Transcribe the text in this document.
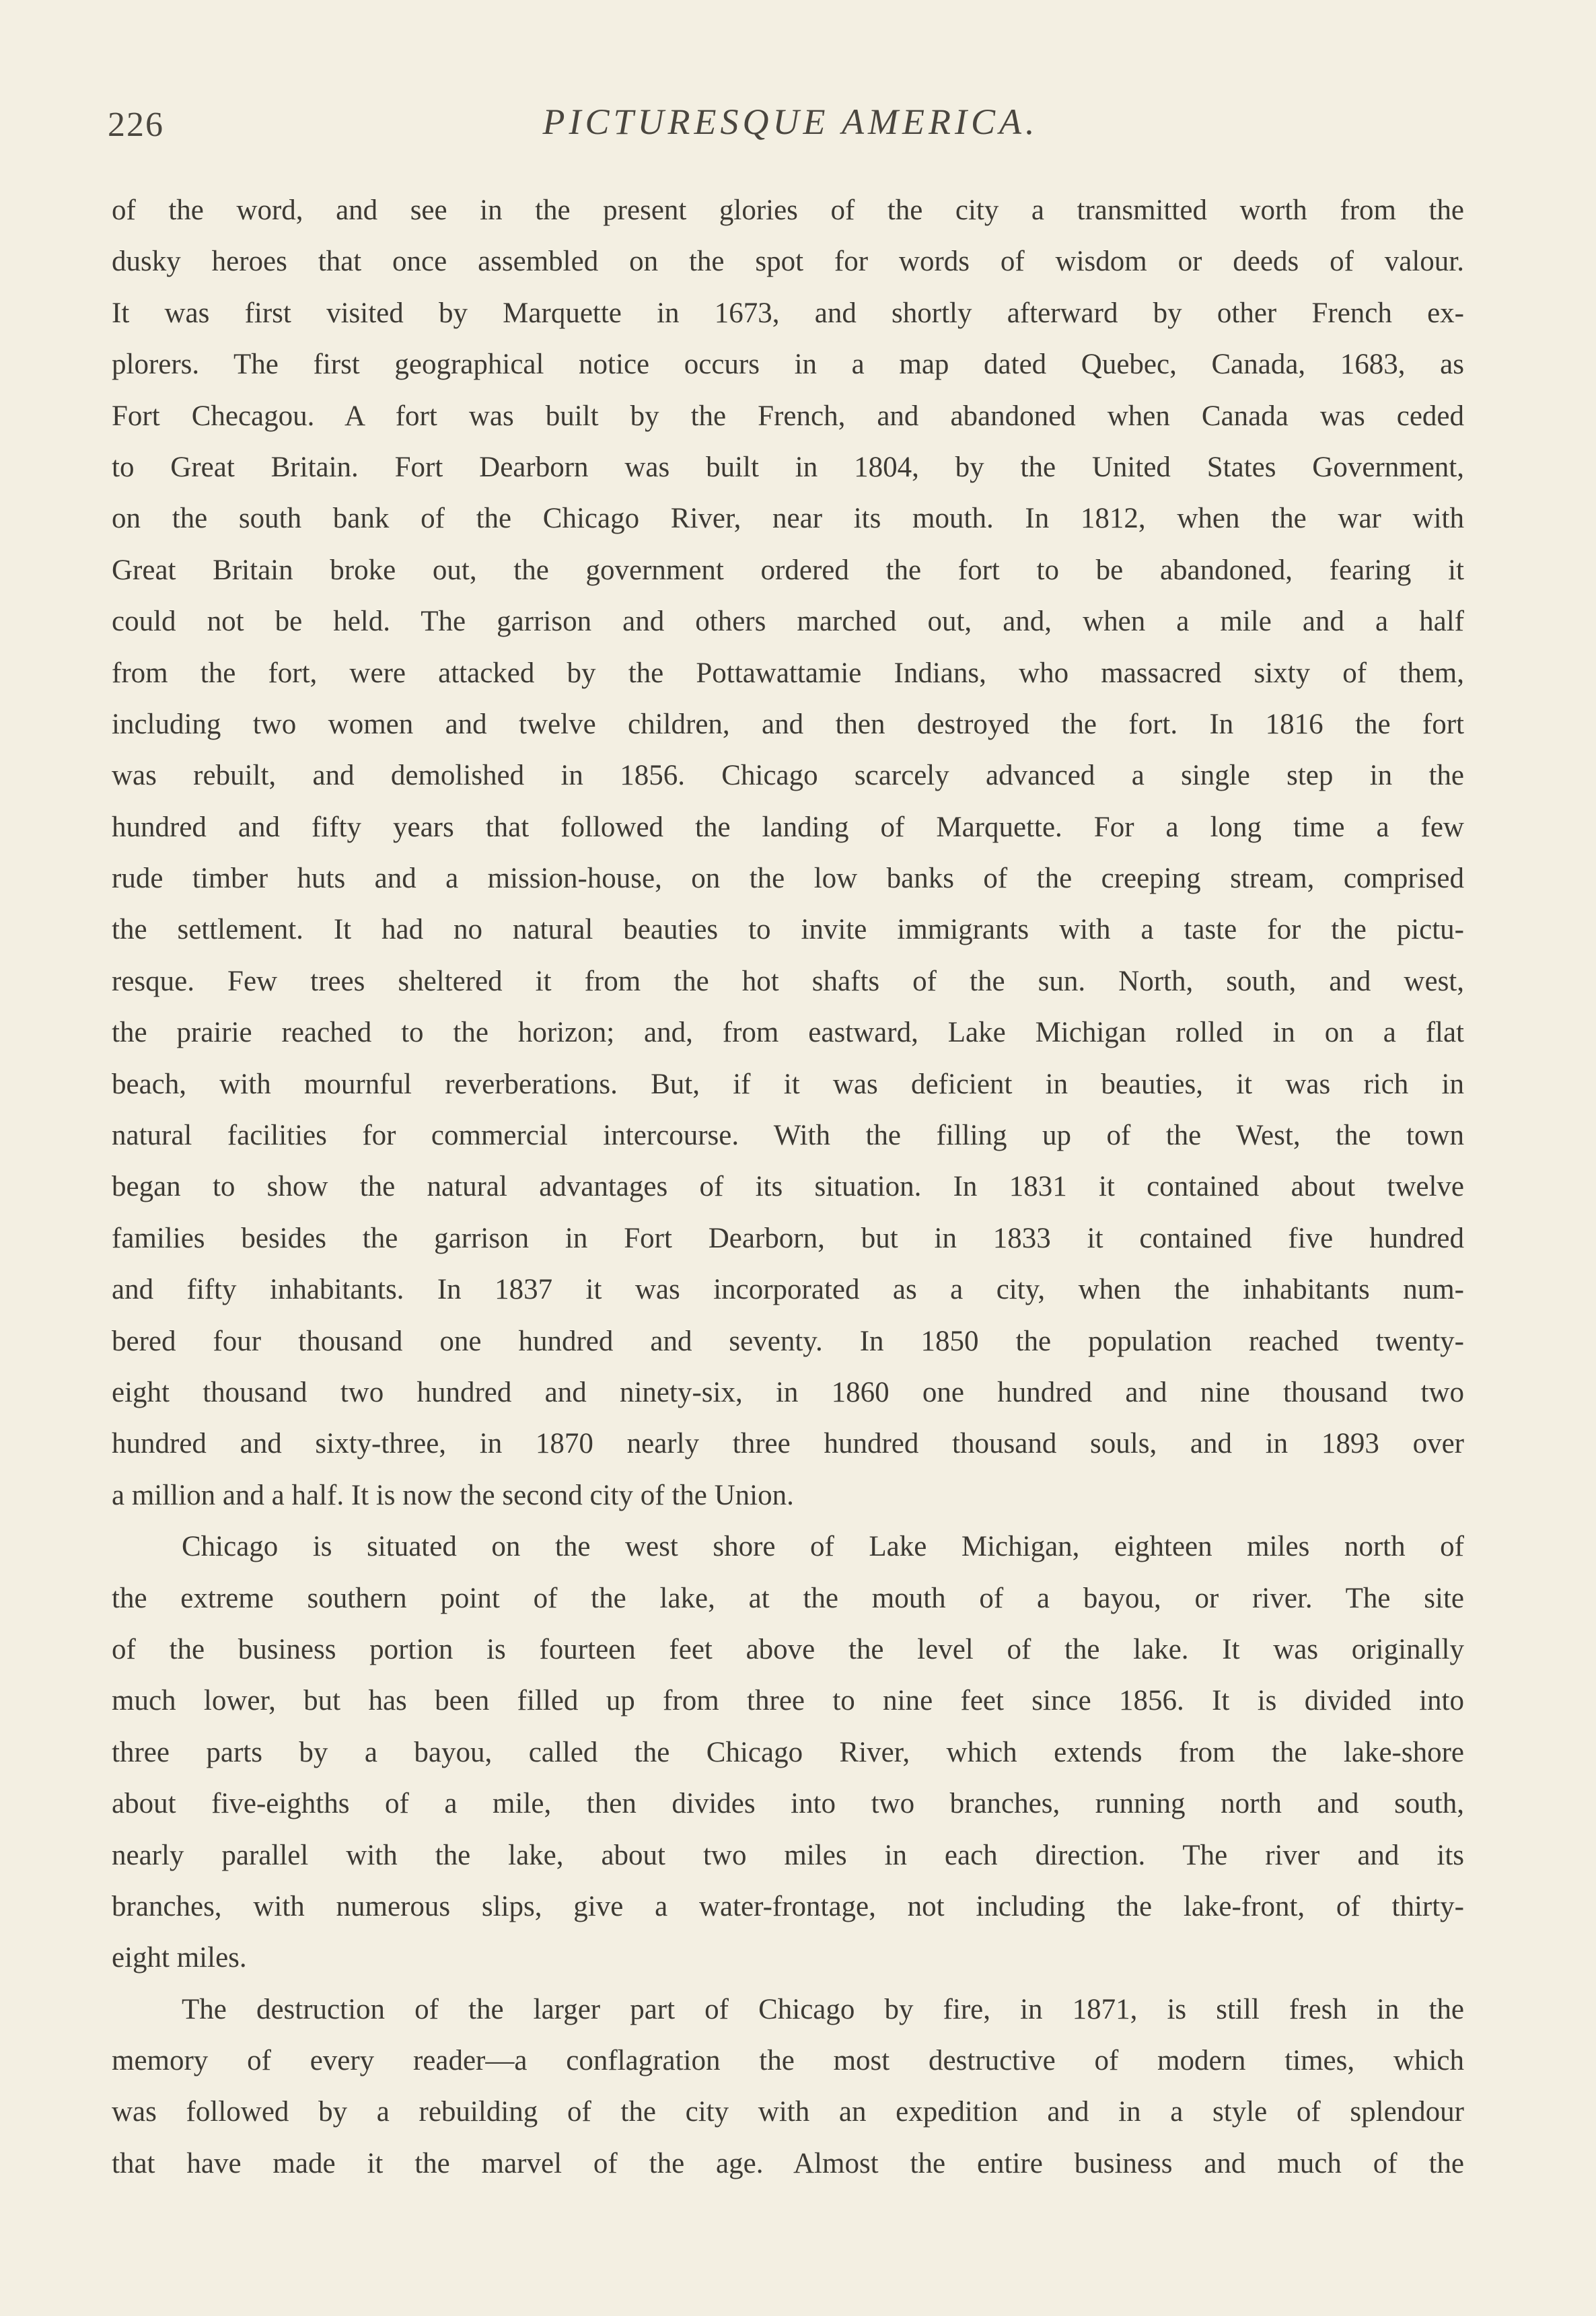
226	PICTURESQUE AMERICA.
of the word, and see in the present glories of the city a transmitted worth from the
dusky heroes that once assembled on the spot for words of wisdom or deeds of valour.
It was first visited by Marquette in 1673, and shortly afterward by other French ex-
plorers. The first geographical notice occurs in a map dated Quebec, Canada, 1683, as
Fort Checagou. A fort was built by the French, and abandoned when Canada was ceded
to Great Britain. Fort Dearborn was built in 1804, by the United States Government,
on the south bank of the Chicago River, near its mouth. In 1812, when the war with
Great Britain broke out, the government ordered the fort to be abandoned, fearing it
could not be held. The garrison and others marched out, and, when a mile and a half
from the fort, were attacked by the Pottawattamie Indians, who massacred sixty of them,
including two women and twelve children, and then destroyed the fort. In 1816 the fort
was rebuilt, and demolished in 1856. Chicago scarcely advanced a single step in the
hundred and fifty years that followed the landing of Marquette. For a long time a few
rude timber huts and a mission-house, on the low banks of the creeping stream, comprised
the settlement. It had no natural beauties to invite immigrants with a taste for the pictu-
resque. Few trees sheltered it from the hot shafts of the sun. North, south, and west,
the prairie reached to the horizon; and, from eastward, Lake Michigan rolled in on a flat
beach, with mournful reverberations. But, if it was deficient in beauties, it was rich in
natural facilities for commercial intercourse. With the filling up of the West, the town
began to show the natural advantages of its situation. In 1831 it contained about twelve
families besides the garrison in Fort Dearborn, but in 1833 it contained five hundred
and fifty inhabitants. In 1837 it was incorporated as a city, when the inhabitants num-
bered four thousand one hundred and seventy. In 1850 the population reached twenty-
eight thousand two hundred and ninety-six, in 1860 one hundred and nine thousand two
hundred and sixty-three, in 1870 nearly three hundred thousand souls, and in 1893 over
a million and a half. It is now the second city of the Union.
Chicago is situated on the west shore of Lake Michigan, eighteen miles north of
the extreme southern point of the lake, at the mouth of a bayou, or river. The site
of the business portion is fourteen feet above the level of the lake. It was originally
much lower, but has been filled up from three to nine feet since 1856. It is divided into
three parts by a bayou, called the Chicago River, which extends from the lake-shore
about five-eighths of a mile, then divides into two branches, running north and south,
nearly parallel with the lake, about two miles in each direction. The river and its
branches, with numerous slips, give a water-frontage, not including the lake-front, of thirty-
eight miles.
The destruction of the larger part of Chicago by fire, in 1871, is still fresh in the
memory of every reader—a conflagration the most destructive of modern times, which
was followed by a rebuilding of the city with an expedition and in a style of splendour
that have made it the marvel of the age. Almost the entire business and much of the
